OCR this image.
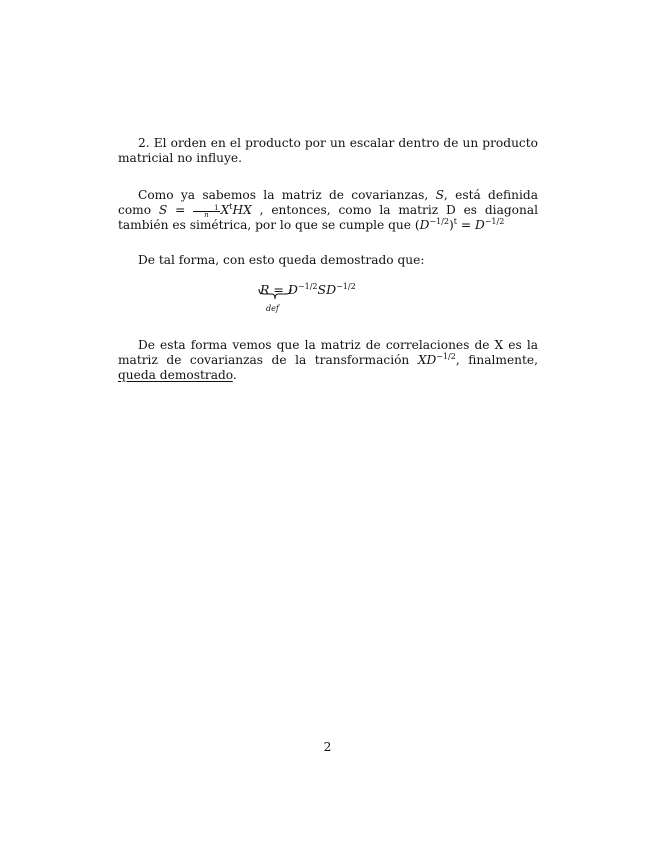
2. El orden en el producto por un escalar dentro de un producto matricial no influye.

Como ya sabemos la matriz de covarianzas, S, está definida como $S = \frac{1}{n}X^tHX$ , entonces, como la matriz D es diagonal también es simétrica, por lo que se cumple que $(D^{-1/2})^t = D^{-1/2}$

De tal forma, con esto queda demostrado que:

$R = D^{-1/2}SD^{-1/2}$
def

De esta forma vemos que la matriz de correlaciones de X es la matriz de covarianzas de la transformación $XD^{-1/2}$, finalmente, queda demostrado.

2
